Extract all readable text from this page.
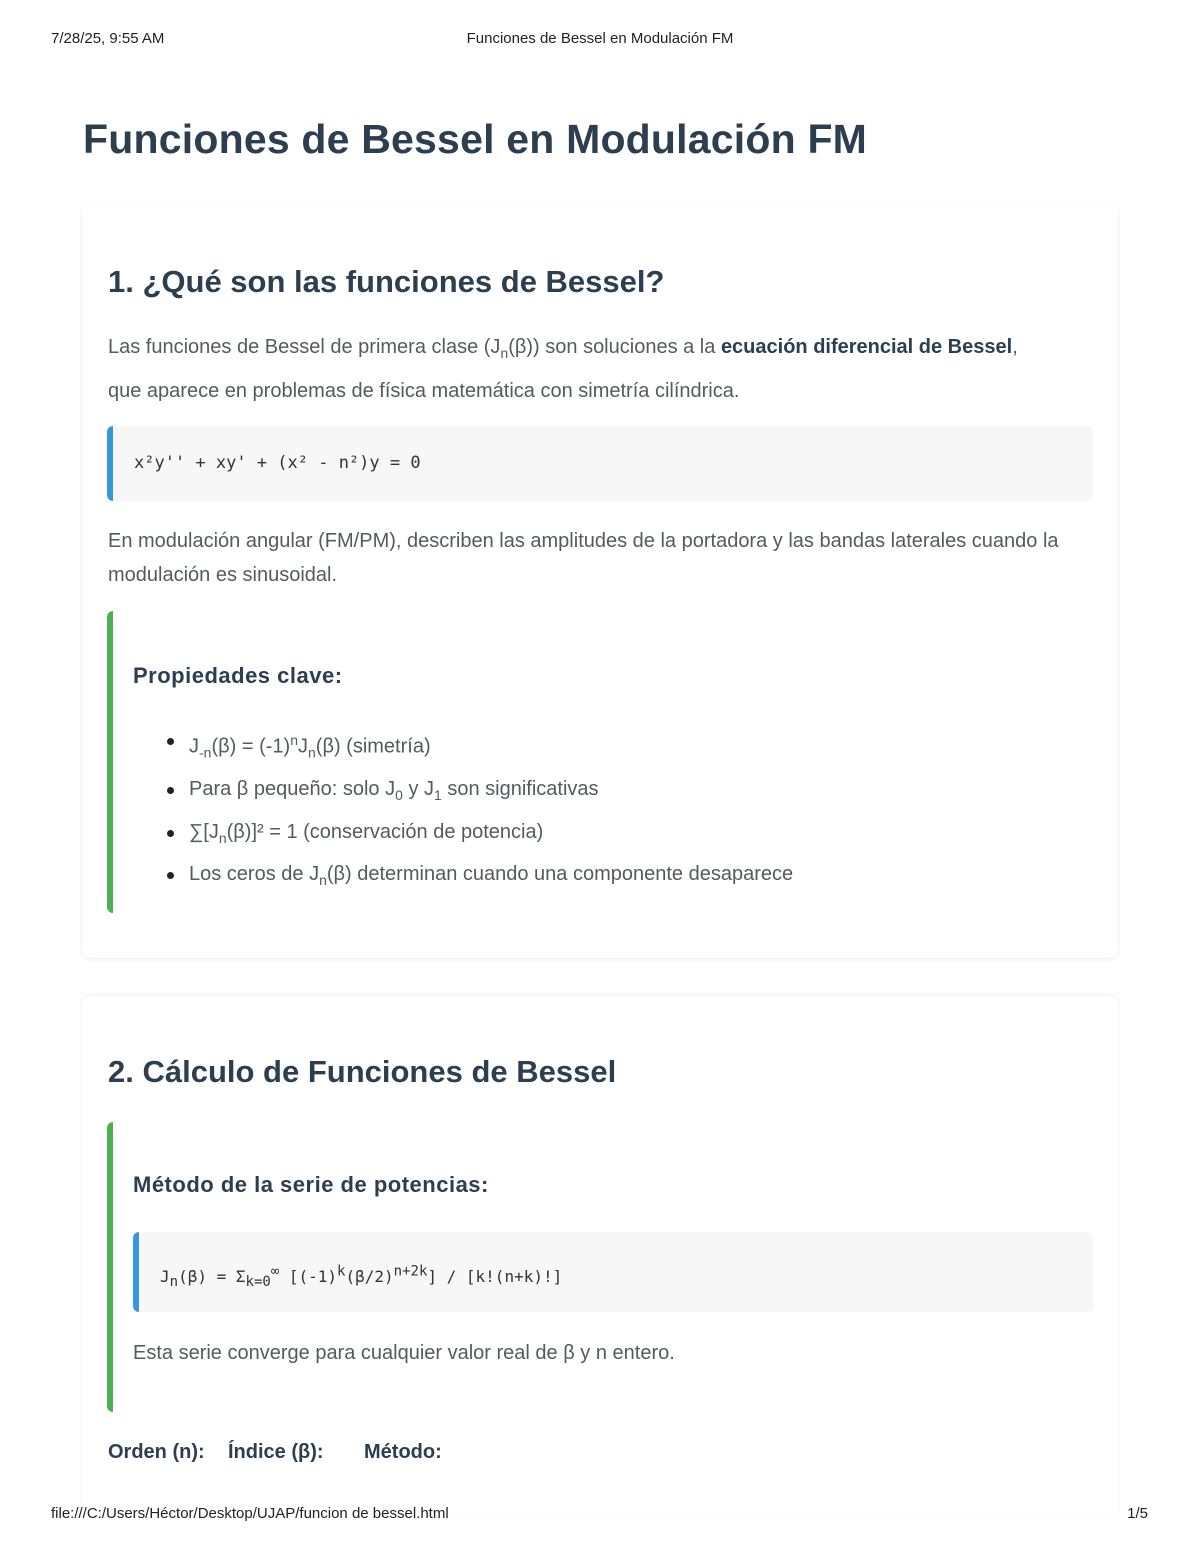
7/28/25, 9:55 AM	Funciones de Bessel en Modulación FM
Funciones de Bessel en Modulación FM
1. ¿Qué son las funciones de Bessel?
Las funciones de Bessel de primera clase $(J_n(\beta))$ son soluciones a la ecuación diferencial de Bessel,
que aparece en problemas de física matemática con simetría cilíndrica.
x²y'' + xy' + (x² - n²)y = 0
En modulación angular (FM/PM), describen las amplitudes de la portadora y las bandas laterales cuando la modulación es sinusoidal.
Propiedades clave:
$J_{-n}(\beta) = (-1)^nJ_n(\beta)$ (simetría)
Para β pequeño: solo $J_0$ y $J_1$ son significativas
$\sum[J_n(\beta)]^2 = 1$ (conservación de potencia)
Los ceros de $J_n(\beta)$ determinan cuando una componente desaparece
2. Cálculo de Funciones de Bessel
Método de la serie de potencias:
$J_n(\beta) = \Sigma_{k=0}^\infty$ $[(-1)^k(\beta/2)^{n+2k}] / [k!(n+k)!]$
Esta serie converge para cualquier valor real de β y n entero.
Orden (n): Índice (β): Método:
file:///C:/Users/Héctor/Desktop/UJAP/funcion de bessel.html	1/5
